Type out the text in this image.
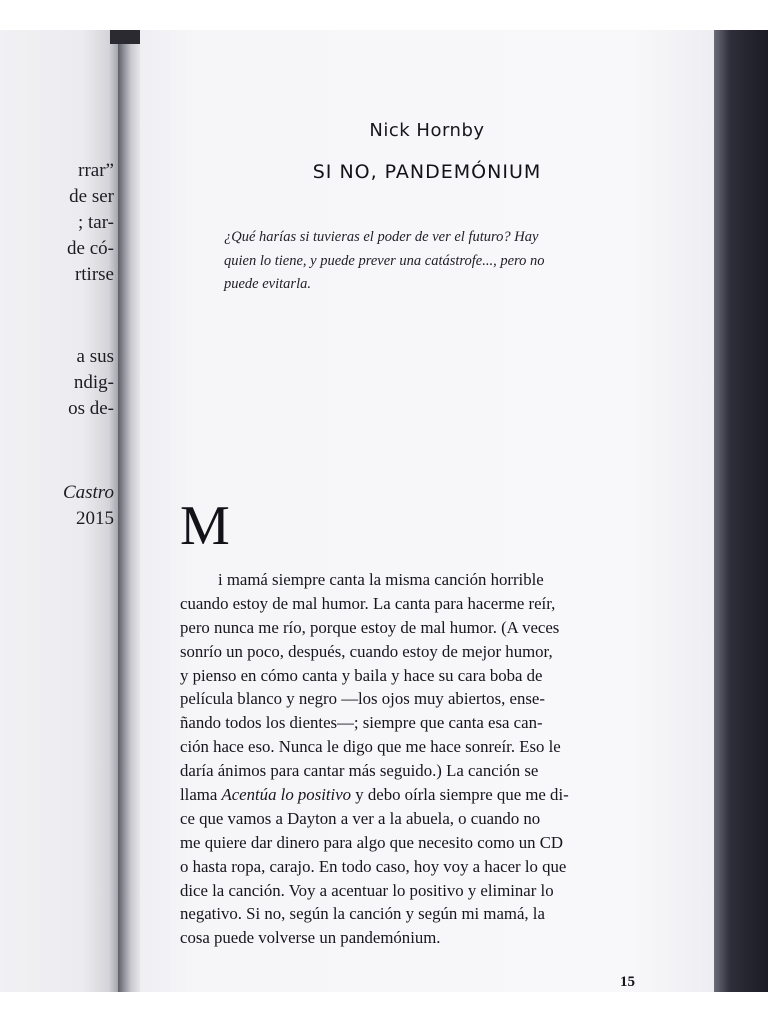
rrar”
de ser
; tar-
de có-
rtirse
a sus
ndig-
os de-
Castro
2015
Nick Hornby
SI NO, PANDEMÓNIUM
¿Qué harías si tuvieras el poder de ver el futuro? Hay
quien lo tiene, y puede prever una catástrofe..., pero no
puede evitarla.
M
i mamá siempre canta la misma canción horrible
cuando estoy de mal humor. La canta para hacerme reír,
pero nunca me río, porque estoy de mal humor. (A veces
sonrío un poco, después, cuando estoy de mejor humor,
y pienso en cómo canta y baila y hace su cara boba de
película blanco y negro —los ojos muy abiertos, ense-
ñando todos los dientes—; siempre que canta esa can-
ción hace eso. Nunca le digo que me hace sonreír. Eso le
daría ánimos para cantar más seguido.) La canción se
llama Acentúa lo positivo y debo oírla siempre que me di-
ce que vamos a Dayton a ver a la abuela, o cuando no
me quiere dar dinero para algo que necesito como un CD
o hasta ropa, carajo. En todo caso, hoy voy a hacer lo que
dice la canción. Voy a acentuar lo positivo y eliminar lo
negativo. Si no, según la canción y según mi mamá, la
cosa puede volverse un pandemónium.
15
